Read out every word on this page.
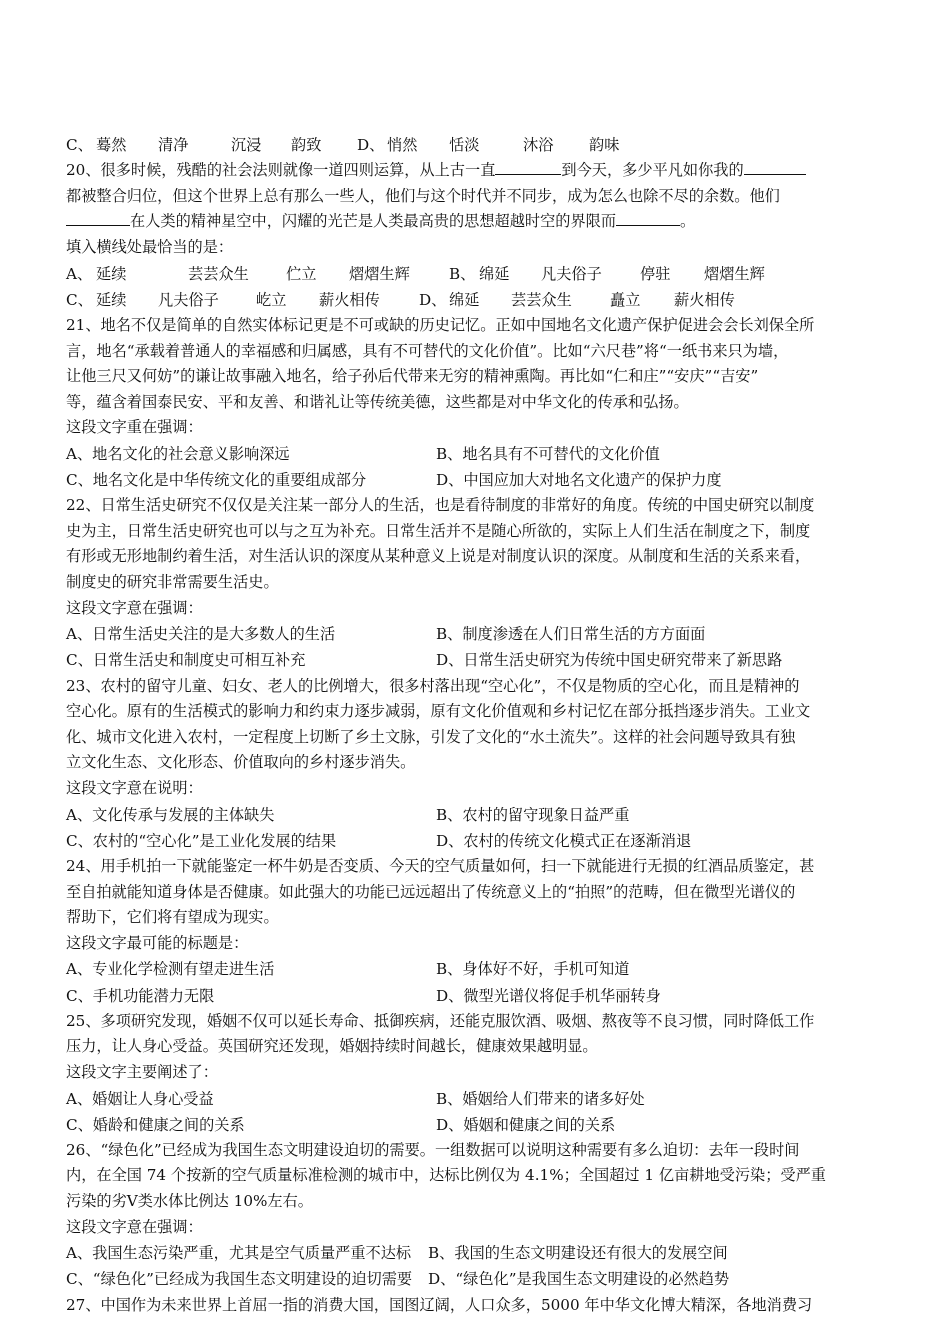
C、 蓦然	清净	沉浸	韵致	D、 悄然	恬淡	沐浴	韵味
20、很多时候，残酷的社会法则就像一道四则运算，从上古一直	到今天，多少平凡如你我的
都被整合归位，但这个世界上总有那么一些人，他们与这个时代并不同步，成为怎么也除不尽的余数。他们
在人类的精神星空中，闪耀的光芒是人类最高贵的思想超越时空的界限而	。
填入横线处最恰当的是：
A、 延续	芸芸众生	伫立	熠熠生辉	B、 绵延	凡夫俗子	停驻	熠熠生辉
C、 延续	凡夫俗子	屹立	薪火相传	D、 绵延	芸芸众生	矗立	薪火相传
21、地名不仅是简单的自然实体标记更是不可或缺的历史记忆。正如中国地名文化遗产保护促进会会长刘保全所
言，地名“承载着普通人的幸福感和归属感，具有不可替代的文化价值”。比如“六尺巷”将“一纸书来只为墙，
让他三尺又何妨”的谦让故事融入地名，给子孙后代带来无穷的精神熏陶。再比如“仁和庄”“安庆”“吉安”
等，蕴含着国泰民安、平和友善、和谐礼让等传统美德，这些都是对中华文化的传承和弘扬。
这段文字重在强调：
A、地名文化的社会意义影响深远	B、地名具有不可替代的文化价值
C、地名文化是中华传统文化的重要组成部分	D、中国应加大对地名文化遗产的保护力度
22、日常生活史研究不仅仅是关注某一部分人的生活，也是看待制度的非常好的角度。传统的中国史研究以制度
史为主，日常生活史研究也可以与之互为补充。日常生活并不是随心所欲的，实际上人们生活在制度之下，制度
有形或无形地制约着生活，对生活认识的深度从某种意义上说是对制度认识的深度。从制度和生活的关系来看，
制度史的研究非常需要生活史。
这段文字意在强调：
A、日常生活史关注的是大多数人的生活	B、制度渗透在人们日常生活的方方面面
C、日常生活史和制度史可相互补充	D、日常生活史研究为传统中国史研究带来了新思路
23、农村的留守儿童、妇女、老人的比例增大，很多村落出现“空心化”，不仅是物质的空心化，而且是精神的
空心化。原有的生活模式的影响力和约束力逐步减弱，原有文化价值观和乡村记忆在部分抵挡逐步消失。工业文
化、城市文化进入农村，一定程度上切断了乡土文脉，引发了文化的“水土流失”。这样的社会问题导致具有独
立文化生态、文化形态、价值取向的乡村逐步消失。
这段文字意在说明：
A、文化传承与发展的主体缺失	B、农村的留守现象日益严重
C、农村的“空心化”是工业化发展的结果	D、农村的传统文化模式正在逐渐消退
24、用手机拍一下就能鉴定一杯牛奶是否变质、今天的空气质量如何，扫一下就能进行无损的红酒品质鉴定，甚
至自拍就能知道身体是否健康。如此强大的功能已远远超出了传统意义上的“拍照”的范畴，但在微型光谱仪的
帮助下，它们将有望成为现实。
这段文字最可能的标题是：
A、专业化学检测有望走进生活	B、身体好不好，手机可知道
C、手机功能潜力无限	D、微型光谱仪将促手机华丽转身
25、多项研究发现，婚姻不仅可以延长寿命、抵御疾病，还能克服饮酒、吸烟、熬夜等不良习惯，同时降低工作
压力，让人身心受益。英国研究还发现，婚姻持续时间越长，健康效果越明显。
这段文字主要阐述了：
A、婚姻让人身心受益	B、婚姻给人们带来的诸多好处
C、婚龄和健康之间的关系	D、婚姻和健康之间的关系
26、“绿色化”已经成为我国生态文明建设迫切的需要。一组数据可以说明这种需要有多么迫切：去年一段时间
内，在全国 74 个按新的空气质量标准检测的城市中，达标比例仅为 4.1%；全国超过 1 亿亩耕地受污染；受严重
污染的劣Ⅴ类水体比例达 10%左右。
这段文字意在强调：
A、我国生态污染严重，尤其是空气质量严重不达标	B、我国的生态文明建设还有很大的发展空间
C、“绿色化”已经成为我国生态文明建设的迫切需要	D、“绿色化”是我国生态文明建设的必然趋势
27、中国作为未来世界上首屈一指的消费大国，国图辽阔，人口众多，5000 年中华文化博大精深，各地消费习
